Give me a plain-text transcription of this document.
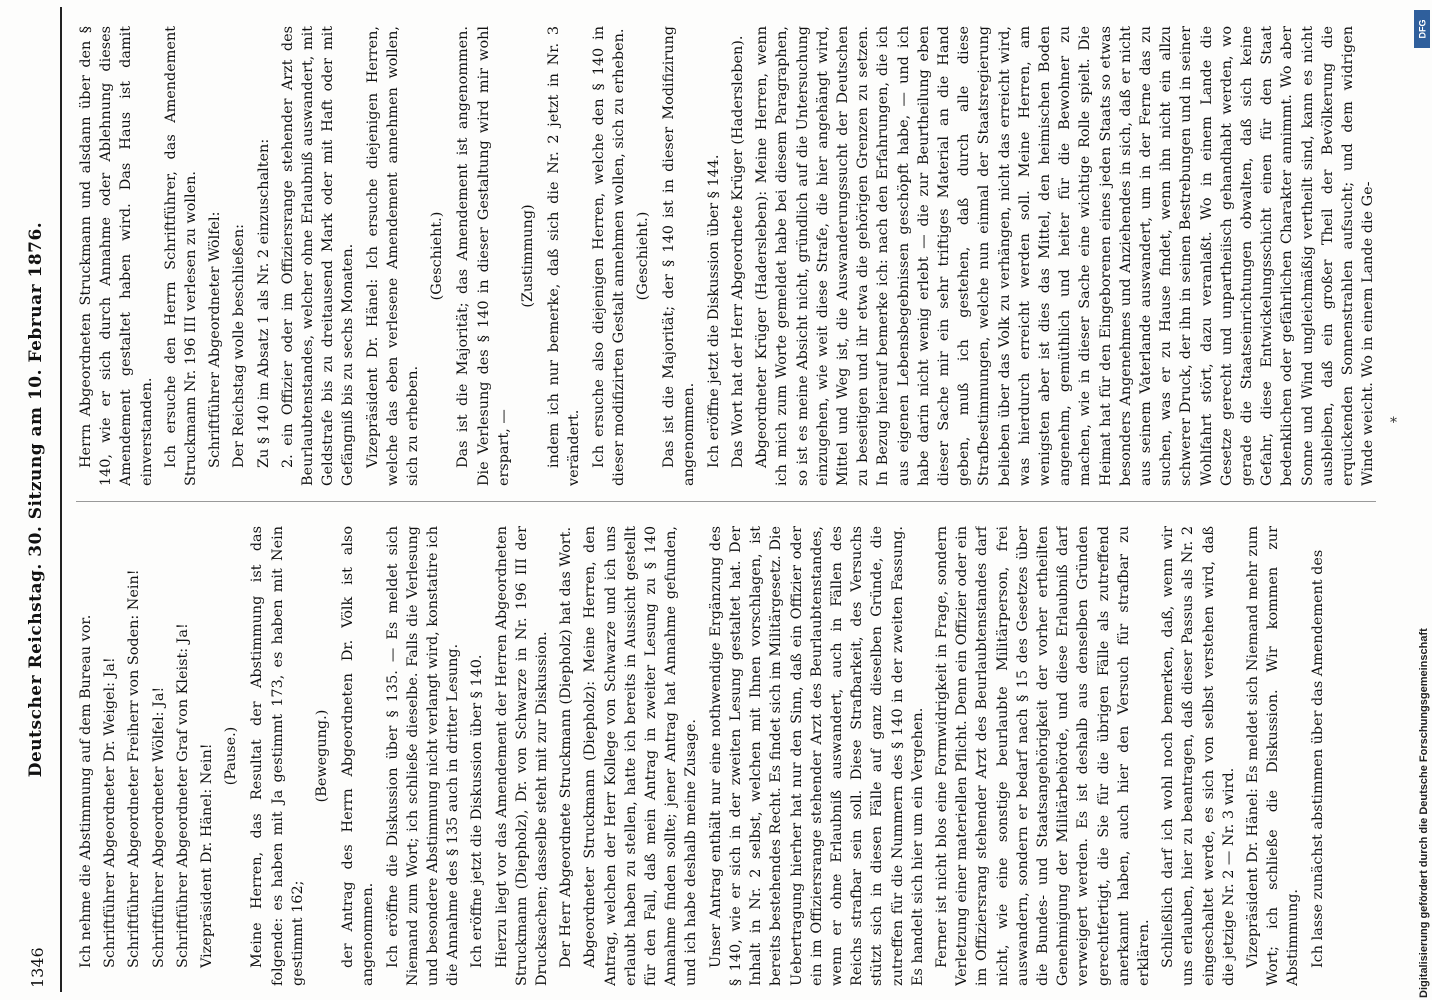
1346
Deutscher Reichstag. 30. Sitzung am 10. Februar 1876.
Ich nehme die Abstimmung auf dem Bureau vor. Schriftführer Abgeordneter Dr. Weigel: Ja! Schriftführer Abgeordneter Freiherr von Soden: Nein! Schriftführer Abgeordneter Wölfel: Ja! Schriftführer Abgeordneter Graf von Kleist: Ja! Vizepräsident Dr. Hänel: Nein! (Pause.) Meine Herren, das Resultat der Abstimmung ist das folgende: es haben mit Ja gestimmt 173, es haben mit Nein gestimmt 162;
(Bewegung.) der Antrag des Herrn Abgeordneten Dr. Völk ist also angenommen. Ich eröffne die Diskussion über § 135. — Es meldet sich Niemand zum Wort; ich schließe dieselbe. Falls die Verlesung und besondere Abstimmung nicht verlangt wird, konstatire ich die Annahme des § 135 auch in dritter Lesung. Ich eröffne jetzt die Diskussion über § 140. Hierzu liegt vor das Amendement der Herren Abgeordneten Struckmann (Diepholz), Dr. von Schwarze in Nr. 196 III der Drucksachen; dasselbe steht mit zur Diskussion. Der Herr Abgeordnete Struckmann (Diepholz) hat das Wort. Abgeordneter Struckmann (Diepholz): Meine Herren, den Antrag, welchen der Herr Kollege von Schwarze und ich uns erlaubt haben zu stellen, hatte ich bereits in Aussicht gestellt für den Fall, daß mein Antrag in zweiter Lesung zu § 140 Annahme finden sollte; jener Antrag hat Annahme gefunden, und ich habe deshalb meine Zusage. Unser Antrag enthält nur eine nothwendige Ergänzung des § 140, wie er sich in der zweiten Lesung gestaltet hat. Der Inhalt in Nr. 2 selbst, welchen mit Ihnen vorschlagen, ist bereits bestehendes Recht. Es findet sich im Militärgesetz. Die Uebertragung hierher hat nur den Sinn, daß ein Offizier oder ein im Offiziersrange stehender Arzt des Beurlaubtenstandes, wenn er ohne Erlaubniß auswandert, auch in Fällen des Reichs strafbar sein soll. Diese Strafbarkeit, des Versuchs stützt sich in diesen Fälle auf ganz dieselben Gründe, die zutreffen für die Nummern des § 140 in der zweiten Fassung. Es handelt sich hier um ein Vergehen. Ferner ist nicht blos eine Formwidrigkeit in Frage, sondern Verletzung einer materiellen Pflicht. Denn ein Offizier oder ein im Offiziersrang stehender Arzt des Beurlaubtenstandes darf nicht, wie eine sonstige beurlaubte Militärperson, frei auswandern, sondern er bedarf nach § 15 des Gesetzes über die Bundes- und Staatsangehörigkeit der vorher ertheilten Genehmigung der Militärbehörde, und diese Erlaubniß darf verweigert werden. Es ist deshalb aus denselben Gründen gerechtfertigt, die Sie für die übrigen Fälle als zutreffend anerkannt haben, auch hier den Versuch für strafbar zu erklären. Schließlich darf ich wohl noch bemerken, daß, wenn wir uns erlauben, hier zu beantragen, daß dieser Passus als Nr. 2 eingeschaltet werde, es sich von selbst verstehen wird, daß die jetzige Nr. 2 — Nr. 3 wird. Vizepräsident Dr. Hänel: Es meldet sich Niemand mehr zum Wort; ich schließe die Diskussion. Wir kommen zur Abstimmung. Ich lasse zunächst abstimmen über das Amendement des
Herrn Abgeordneten Struckmann und alsdann über den § 140, wie er sich durch Annahme oder Ablehnung dieses Amendement gestaltet haben wird. Das Haus ist damit einverstanden. Ich ersuche den Herrn Schriftführer, das Amendement Struckmann Nr. 196 III verlesen zu wollen. Schriftführer Abgeordneter Wölfel: Der Reichstag wolle beschließen: Zu § 140 im Absatz 1 als Nr. 2 einzuschalten: 2. ein Offizier oder im Offiziersrange stehender Arzt des Beurlaubtenstandes, welcher ohne Erlaubniß auswandert, mit Geldstrafe bis zu dreitausend Mark oder mit Haft oder mit Gefängniß bis zu sechs Monaten. Vizepräsident Dr. Hänel: Ich ersuche diejenigen Herren, welche das eben verlesene Amendement annehmen wollen, sich zu erheben.
(Geschieht.) Das ist die Majorität; das Amendement ist angenommen. Die Verlesung des § 140 in dieser Gestaltung wird mir wohl erspart, —
(Zustimmung) indem ich nur bemerke, daß sich die Nr. 2 jetzt in Nr. 3 verändert. Ich ersuche also diejenigen Herren, welche den § 140 in dieser modifizirten Gestalt annehmen wollen, sich zu erheben. (Geschieht.) Das ist die Majorität; der § 140 ist in dieser Modifizirung angenommen. Ich eröffne jetzt die Diskussion über § 144. Das Wort hat der Herr Abgeordnete Krüger (Hadersleben). Abgeordneter Krüger (Hadersleben): Meine Herren, wenn ich mich zum Worte gemeldet habe bei diesem Paragraphen, so ist es meine Absicht nicht, gründlich auf die Untersuchung einzugehen, wie weit diese Strafe, die hier angehängt wird, Mittel und Weg ist, die Auswanderungssucht der Deutschen zu beseitigen und ihr etwa die gehörigen Grenzen zu setzen. In Bezug hierauf bemerke ich: nach den Erfahrungen, die ich aus eigenen Lebensbegebnissen geschöpft habe, — und ich habe darin nicht wenig erlebt — die zur Beurtheilung eben dieser Sache mir ein sehr triftiges Material an die Hand geben, muß ich gestehen, daß durch alle diese Strafbestimmungen, welche nun einmal der Staatsregierung belieben über das Volk zu verhängen, nicht das erreicht wird, was hierdurch erreicht werden soll. Meine Herren, am wenigsten aber ist dies das Mittel, den heimischen Boden angenehm, gemüthlich und heiter für die Bewohner zu machen, wie in dieser Sache eine wichtige Rolle spielt. Die Heimat hat für den Eingeborenen eines jeden Staats so etwas besonders Angenehmes und Anziehendes in sich, daß er nicht aus seinem Vaterlande auswandert, um in der Ferne das zu suchen, was er zu Hause findet, wenn ihn nicht ein allzu schwerer Druck, der ihn in seinen Bestrebungen und in seiner Wohlfahrt stört, dazu veranlaßt. Wo in einem Lande die Gesetze gerecht und unpartheiisch gehandhabt werden, wo gerade die Staatseinrichtungen obwalten, daß sich keine Gefahr, diese Entwickelungsschicht einen für den Staat bedenklichen oder gefährlichen Charakter annimmt. Wo aber Sonne und Wind ungleichmäßig vertheilt sind, kann es nicht ausbleiben, daß ein großer Theil der Bevölkerung die erquickenden Sonnenstrahlen aufsucht; und dem widrigen Winde weicht. Wo in einem Lande die Ge-
DFG
Digitalisierung gefördert durch die Deutsche Forschungsgemeinschaft
*
